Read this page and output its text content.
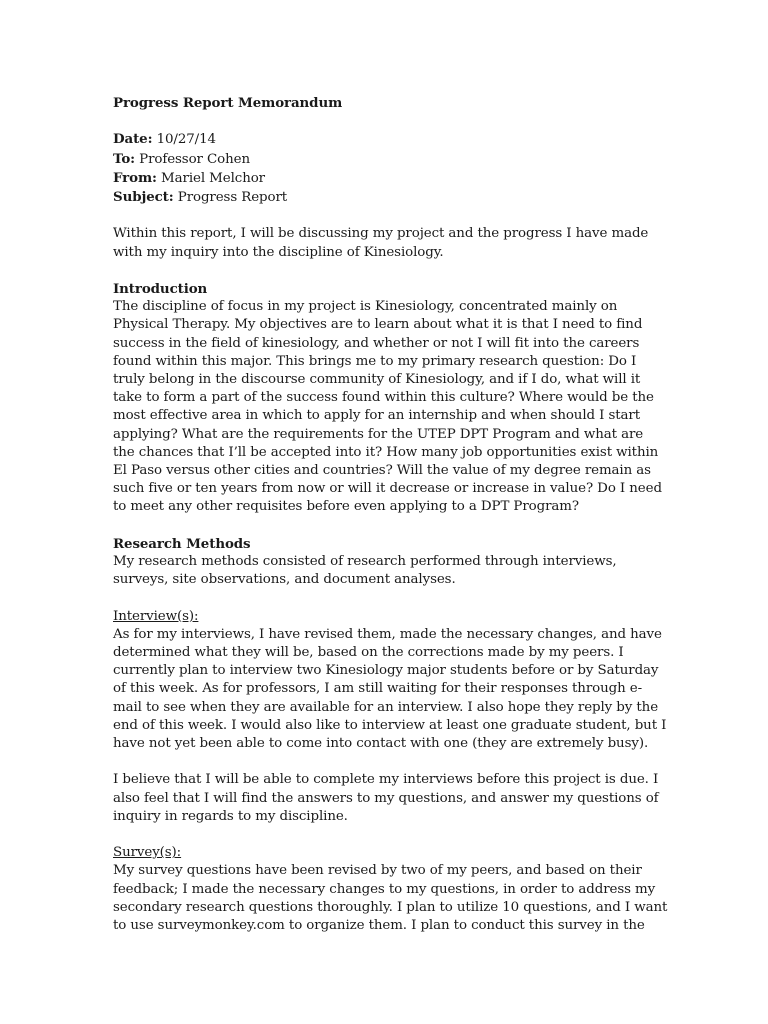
Progress Report Memorandum

Date: 10/27/14

To: Professor Cohen

From: Mariel Melchor

Subject: Progress Report

Within this report, I will be discussing my project and the progress I have made with my inquiry into the discipline of Kinesiology.

Introduction

The discipline of focus in my project is Kinesiology, concentrated mainly on Physical Therapy. My objectives are to learn about what it is that I need to find success in the field of kinesiology, and whether or not I will fit into the careers found within this major. This brings me to my primary research question: Do I truly belong in the discourse community of Kinesiology, and if I do, what will it take to form a part of the success found within this culture? Where would be the most effective area in which to apply for an internship and when should I start applying? What are the requirements for the UTEP DPT Program and what are the chances that I’ll be accepted into it? How many job opportunities exist within El Paso versus other cities and countries? Will the value of my degree remain as such five or ten years from now or will it decrease or increase in value? Do I need to meet any other requisites before even applying to a DPT Program?

Research Methods

My research methods consisted of research performed through interviews, surveys, site observations, and document analyses.

Interview(s):

As for my interviews, I have revised them, made the necessary changes, and have determined what they will be, based on the corrections made by my peers. I currently plan to interview two Kinesiology major students before or by Saturday of this week. As for professors, I am still waiting for their responses through e-mail to see when they are available for an interview. I also hope they reply by the end of this week. I would also like to interview at least one graduate student, but I have not yet been able to come into contact with one (they are extremely busy).

I believe that I will be able to complete my interviews before this project is due. I also feel that I will find the answers to my questions, and answer my questions of inquiry in regards to my discipline.

Survey(s):

My survey questions have been revised by two of my peers, and based on their feedback; I made the necessary changes to my questions, in order to address my secondary research questions thoroughly. I plan to utilize 10 questions, and I want to use surveymonkey.com to organize them. I plan to conduct this survey in the
